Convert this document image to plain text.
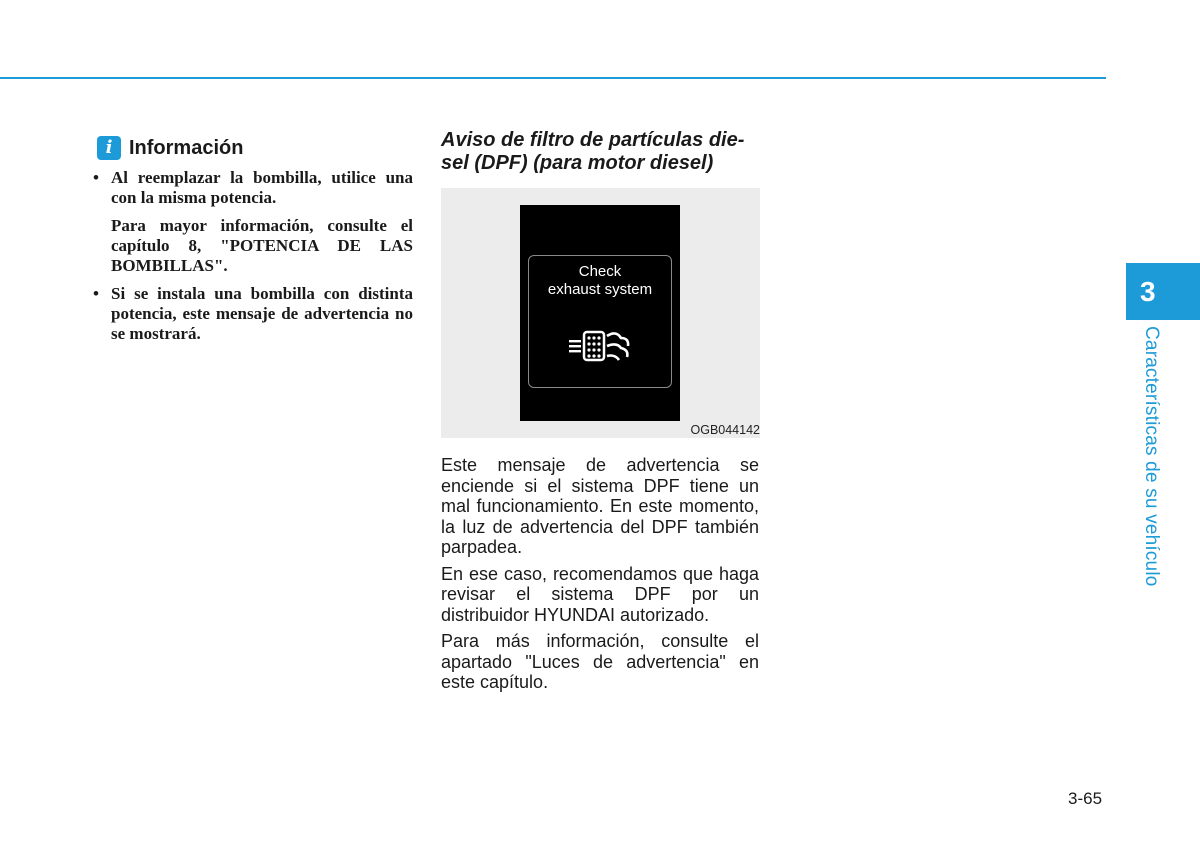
i Información
• Al reemplazar la bombilla, utilice una con la misma potencia.

Para mayor información, consulte el capítulo 8, "POTENCIA DE LAS BOMBILLAS".

• Si se instala una bombilla con distinta potencia, este mensaje de advertencia no se mostrará.

Aviso de filtro de partículas diesel (DPF) (para motor diesel)
Check
exhaust system
OGB044142

Este mensaje de advertencia se enciende si el sistema DPF tiene un mal funcionamiento. En este momento, la luz de advertencia del DPF también parpadea.

En ese caso, recomendamos que haga revisar el sistema DPF por un distribuidor HYUNDAI autorizado.

Para más información, consulte el apartado "Luces de advertencia" en este capítulo.

3
Características de su vehículo
3-65
